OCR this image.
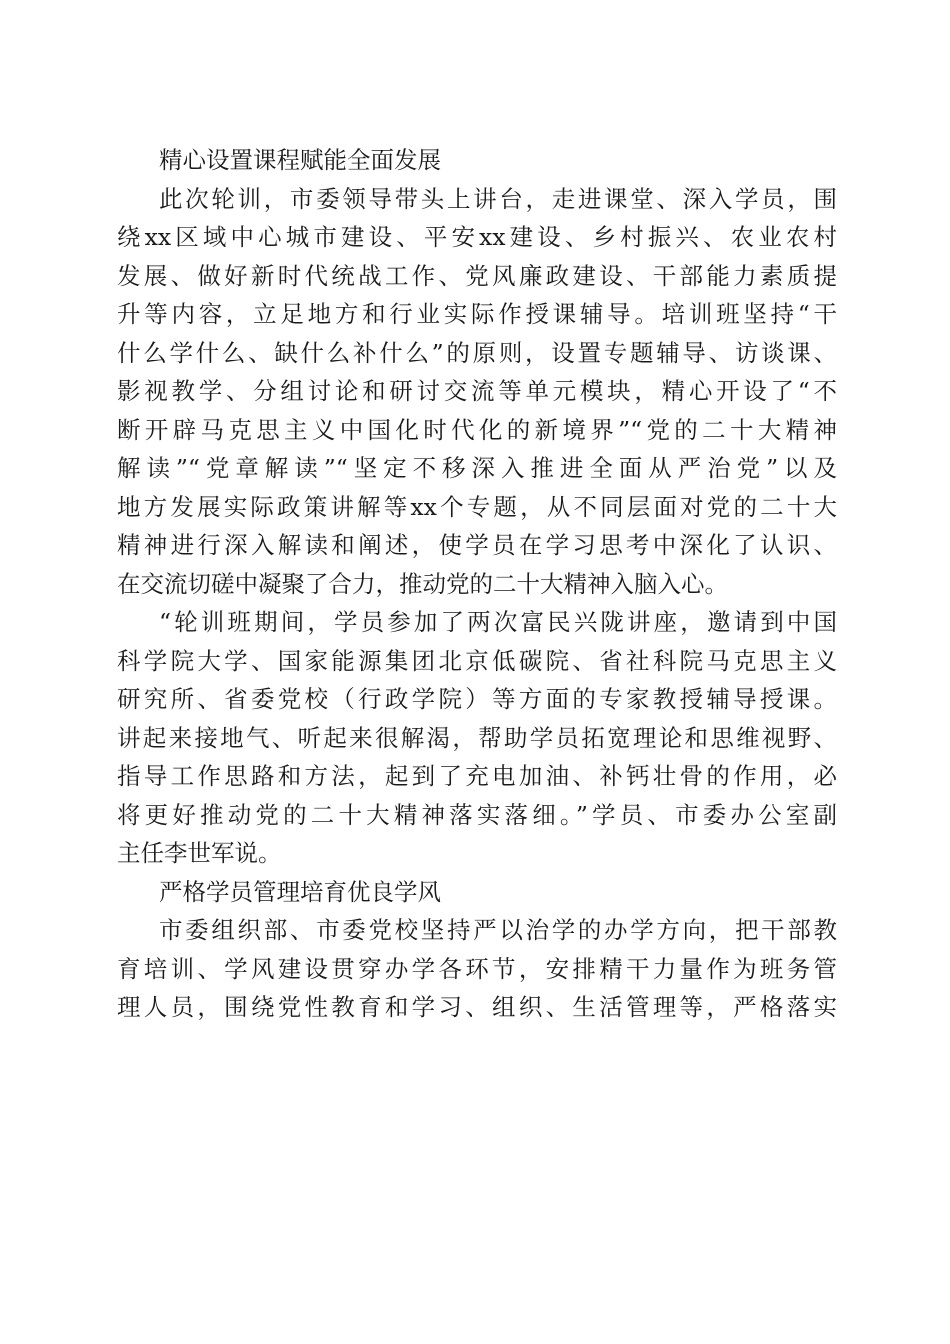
精心设置课程赋能全面发展
此次轮训，市委领导带头上讲台，走进课堂、深入学员，围
绕xx区域中心城市建设、平安xx建设、乡村振兴、农业农村
发展、做好新时代统战工作、党风廉政建设、干部能力素质提
升等内容，立足地方和行业实际作授课辅导。培训班坚持“干
什么学什么、缺什么补什么”的原则，设置专题辅导、访谈课、
影视教学、分组讨论和研讨交流等单元模块，精心开设了“不
断开辟马克思主义中国化时代化的新境界”“党的二十大精神
解读”“党章解读”“坚定不移深入推进全面从严治党”以及
地方发展实际政策讲解等xx个专题，从不同层面对党的二十大
精神进行深入解读和阐述，使学员在学习思考中深化了认识、
在交流切磋中凝聚了合力，推动党的二十大精神入脑入心。
“轮训班期间，学员参加了两次富民兴陇讲座，邀请到中国
科学院大学、国家能源集团北京低碳院、省社科院马克思主义
研究所、省委党校（行政学院）等方面的专家教授辅导授课。
讲起来接地气、听起来很解渴，帮助学员拓宽理论和思维视野、
指导工作思路和方法，起到了充电加油、补钙壮骨的作用，必
将更好推动党的二十大精神落实落细。”学员、市委办公室副
主任李世军说。
严格学员管理培育优良学风
市委组织部、市委党校坚持严以治学的办学方向，把干部教
育培训、学风建设贯穿办学各环节，安排精干力量作为班务管
理人员，围绕党性教育和学习、组织、生活管理等，严格落实
